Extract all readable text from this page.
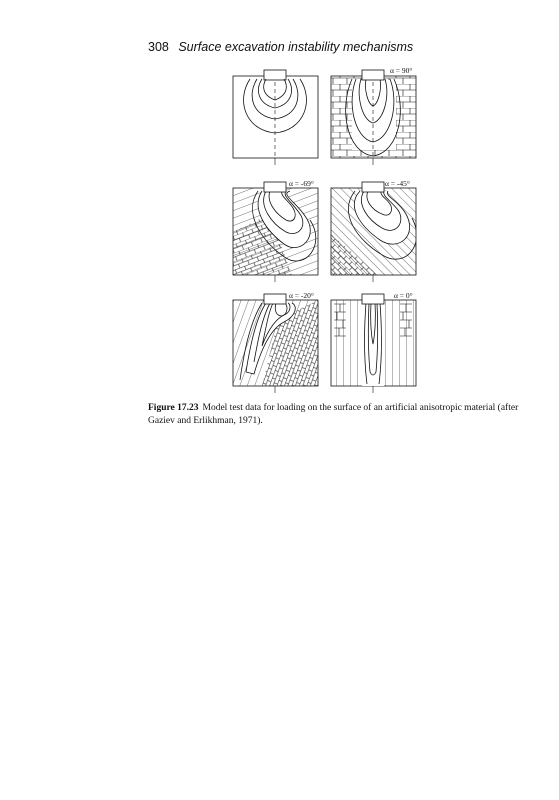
308 Surface excavation instability mechanisms
α = 90°
α = -69°	α = -45°
α = -20°	α = 0°
Figure 17.23 Model test data for loading on the surface of an artificial anisotropic material (after Gaziev and Erlikhman, 1971).
